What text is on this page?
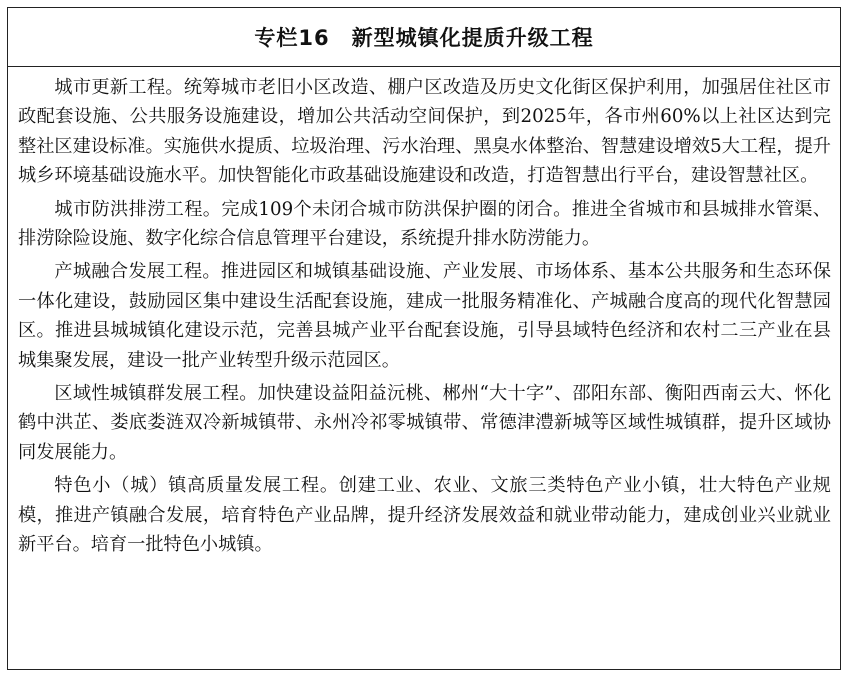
专栏16　新型城镇化提质升级工程

城市更新工程。统筹城市老旧小区改造、棚户区改造及历史文化街区保护利用，加强居住社区市政配套设施、公共服务设施建设，增加公共活动空间保护，到2025年，各市州60%以上社区达到完整社区建设标准。实施供水提质、垃圾治理、污水治理、黑臭水体整治、智慧建设增效5大工程，提升城乡环境基础设施水平。加快智能化市政基础设施建设和改造，打造智慧出行平台，建设智慧社区。

城市防洪排涝工程。完成109个未闭合城市防洪保护圈的闭合。推进全省城市和县城排水管渠、排涝除险设施、数字化综合信息管理平台建设，系统提升排水防涝能力。

产城融合发展工程。推进园区和城镇基础设施、产业发展、市场体系、基本公共服务和生态环保一体化建设，鼓励园区集中建设生活配套设施，建成一批服务精准化、产城融合度高的现代化智慧园区。推进县城城镇化建设示范，完善县城产业平台配套设施，引导县域特色经济和农村二三产业在县城集聚发展，建设一批产业转型升级示范园区。

区域性城镇群发展工程。加快建设益阳益沅桃、郴州“大十字”、邵阳东部、衡阳西南云大、怀化鹤中洪芷、娄底娄涟双冷新城镇带、永州冷祁零城镇带、常德津澧新城等区域性城镇群，提升区域协同发展能力。

特色小（城）镇高质量发展工程。创建工业、农业、文旅三类特色产业小镇，壮大特色产业规模，推进产镇融合发展，培育特色产业品牌，提升经济发展效益和就业带动能力，建成创业兴业就业新平台。培育一批特色小城镇。
